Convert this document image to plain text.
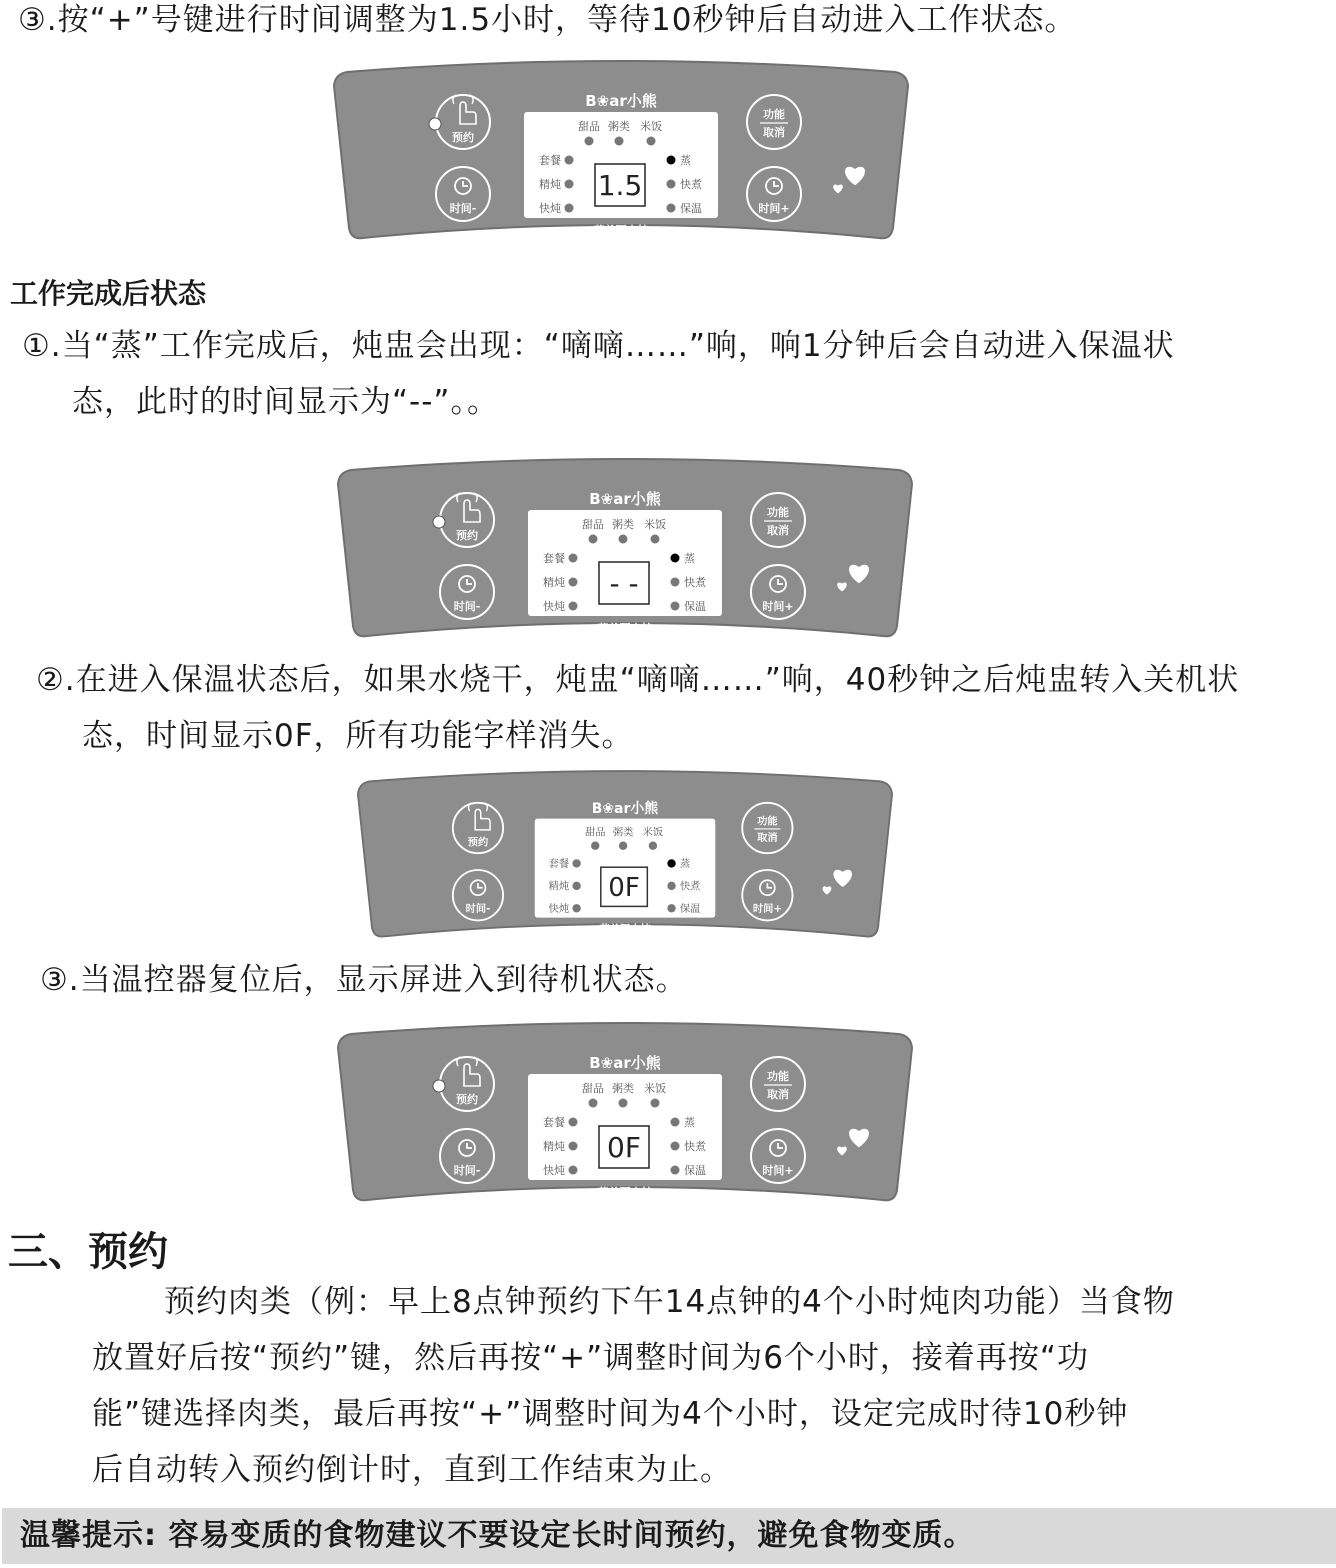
③.按“+”号键进行时间调整为1.5小时，等待10秒钟后自动进入工作状态。
B❀ar小熊
甜品 粥类 米饭
套餐
精炖
快炖
蒸
快煮
保温
1.5
营养隔水炖
预约
时间-
功能
取消
时间+
工作完成后状态
①.当“蒸”工作完成后，炖盅会出现：“嘀嘀……”响，响1分钟后会自动进入保温状
态，此时的时间显示为“--”。。
B❀ar小熊
甜品 粥类 米饭
套餐
精炖
快炖
蒸
快煮
保温
- -
营养隔水炖
预约
时间-
功能
取消
时间+
②.在进入保温状态后，如果水烧干，炖盅“嘀嘀……”响，40秒钟之后炖盅转入关机状
态，时间显示0F，所有功能字样消失。
B❀ar小熊
甜品 粥类 米饭
套餐
精炖
快炖
蒸
快煮
保温
0F
营养隔水炖
预约
时间-
功能
取消
时间+
③.当温控器复位后，显示屏进入到待机状态。
B❀ar小熊
甜品 粥类 米饭
套餐
精炖
快炖
蒸
快煮
保温
0F
营养隔水炖
预约
时间-
功能
取消
时间+
三、预约
预约肉类（例：早上8点钟预约下午14点钟的4个小时炖肉功能）当食物
放置好后按“预约”键，然后再按“+”调整时间为6个小时，接着再按“功
能”键选择肉类，最后再按“+”调整时间为4个小时，设定完成时待10秒钟
后自动转入预约倒计时，直到工作结束为止。
温馨提示: 容易变质的食物建议不要设定长时间预约，避免食物变质。
